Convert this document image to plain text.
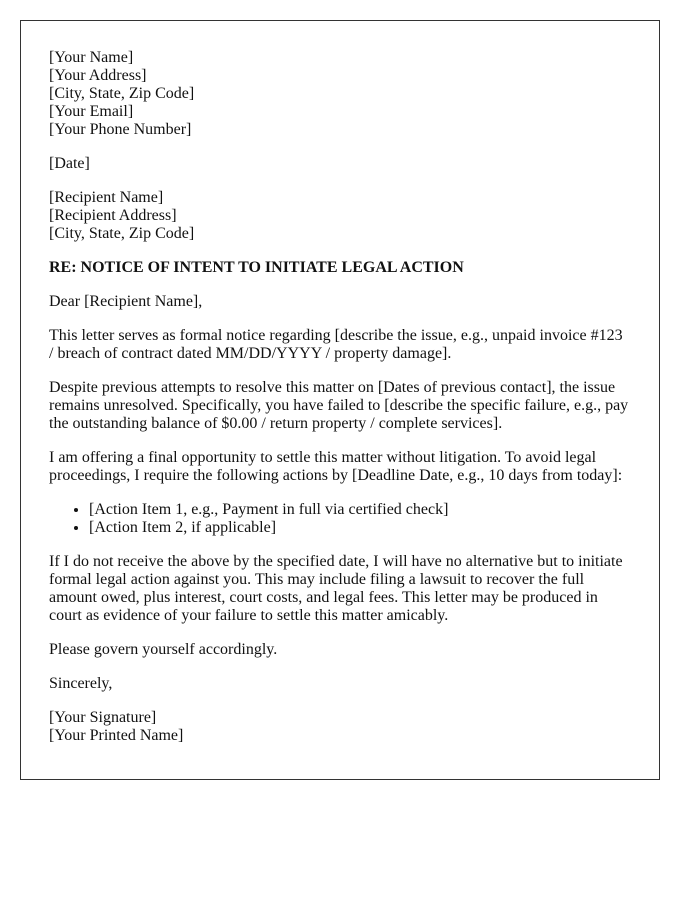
[Your Name]
[Your Address]
[City, State, Zip Code]
[Your Email]
[Your Phone Number]
[Date]
[Recipient Name]
[Recipient Address]
[City, State, Zip Code]
RE: NOTICE OF INTENT TO INITIATE LEGAL ACTION

Dear [Recipient Name],

This letter serves as formal notice regarding [describe the issue, e.g., unpaid invoice #123 / breach of contract dated MM/DD/YYYY / property damage].

Despite previous attempts to resolve this matter on [Dates of previous contact], the issue remains unresolved. Specifically, you have failed to [describe the specific failure, e.g., pay the outstanding balance of $0.00 / return property / complete services].

I am offering a final opportunity to settle this matter without litigation. To avoid legal proceedings, I require the following actions by [Deadline Date, e.g., 10 days from today]:

• [Action Item 1, e.g., Payment in full via certified check]
• [Action Item 2, if applicable]

If I do not receive the above by the specified date, I will have no alternative but to initiate formal legal action against you. This may include filing a lawsuit to recover the full amount owed, plus interest, court costs, and legal fees. This letter may be produced in court as evidence of your failure to settle this matter amicably.

Please govern yourself accordingly.

Sincerely,

[Your Signature]
[Your Printed Name]
